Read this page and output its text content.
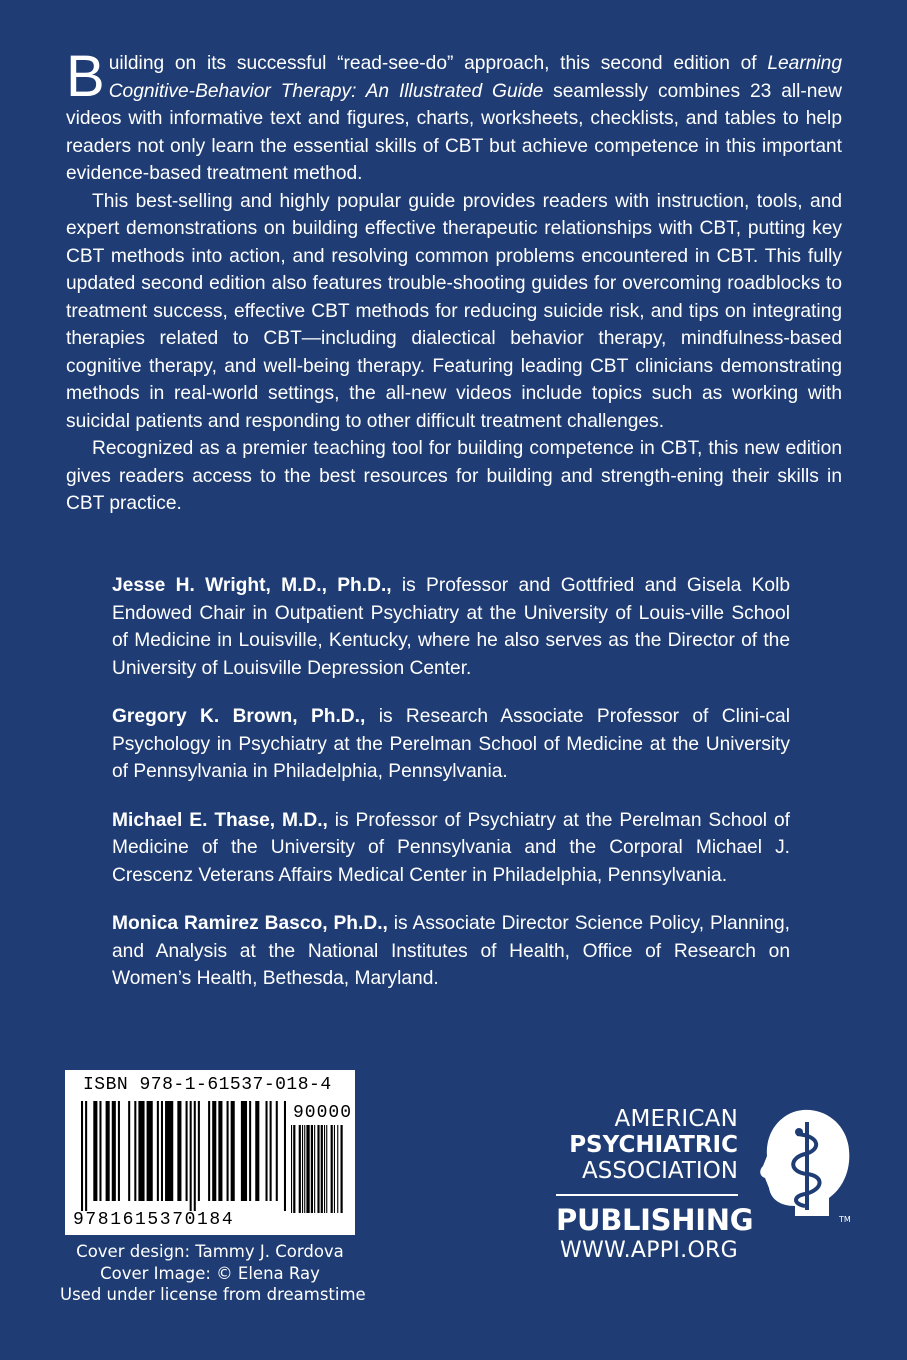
Building on its successful “read-see-do” approach, this second edition of Learning Cognitive-Behavior Therapy: An Illustrated Guide seamlessly combines 23 all-new videos with informative text and figures, charts, worksheets, checklists, and tables to help readers not only learn the essential skills of CBT but achieve competence in this important evidence-based treatment method.

This best-selling and highly popular guide provides readers with instruction, tools, and expert demonstrations on building effective therapeutic relationships with CBT, putting key CBT methods into action, and resolving common problems encountered in CBT. This fully updated second edition also features trouble-shooting guides for overcoming roadblocks to treatment success, effective CBT methods for reducing suicide risk, and tips on integrating therapies related to CBT—including dialectical behavior therapy, mindfulness-based cognitive therapy, and well-being therapy. Featuring leading CBT clinicians demonstrating methods in real-world settings, the all-new videos include topics such as working with suicidal patients and responding to other difficult treatment challenges.

Recognized as a premier teaching tool for building competence in CBT, this new edition gives readers access to the best resources for building and strength-ening their skills in CBT practice.

Jesse H. Wright, M.D., Ph.D., is Professor and Gottfried and Gisela Kolb Endowed Chair in Outpatient Psychiatry at the University of Louis-ville School of Medicine in Louisville, Kentucky, where he also serves as the Director of the University of Louisville Depression Center.

Gregory K. Brown, Ph.D., is Research Associate Professor of Clini-cal Psychology in Psychiatry at the Perelman School of Medicine at the University of Pennsylvania in Philadelphia, Pennsylvania.

Michael E. Thase, M.D., is Professor of Psychiatry at the Perelman School of Medicine of the University of Pennsylvania and the Corporal Michael J. Crescenz Veterans Affairs Medical Center in Philadelphia, Pennsylvania.

Monica Ramirez Basco, Ph.D., is Associate Director Science Policy, Planning, and Analysis at the National Institutes of Health, Office of Research on Women’s Health, Bethesda, Maryland.

ISBN 978-1-61537-018-4
90000
9781615370184
Cover design: Tammy J. Cordova
Cover Image: © Elena Ray
Used under license from dreamstime
AMERICAN
PSYCHIATRIC
ASSOCIATION
PUBLISHING	TM
WWW.APPI.ORG
